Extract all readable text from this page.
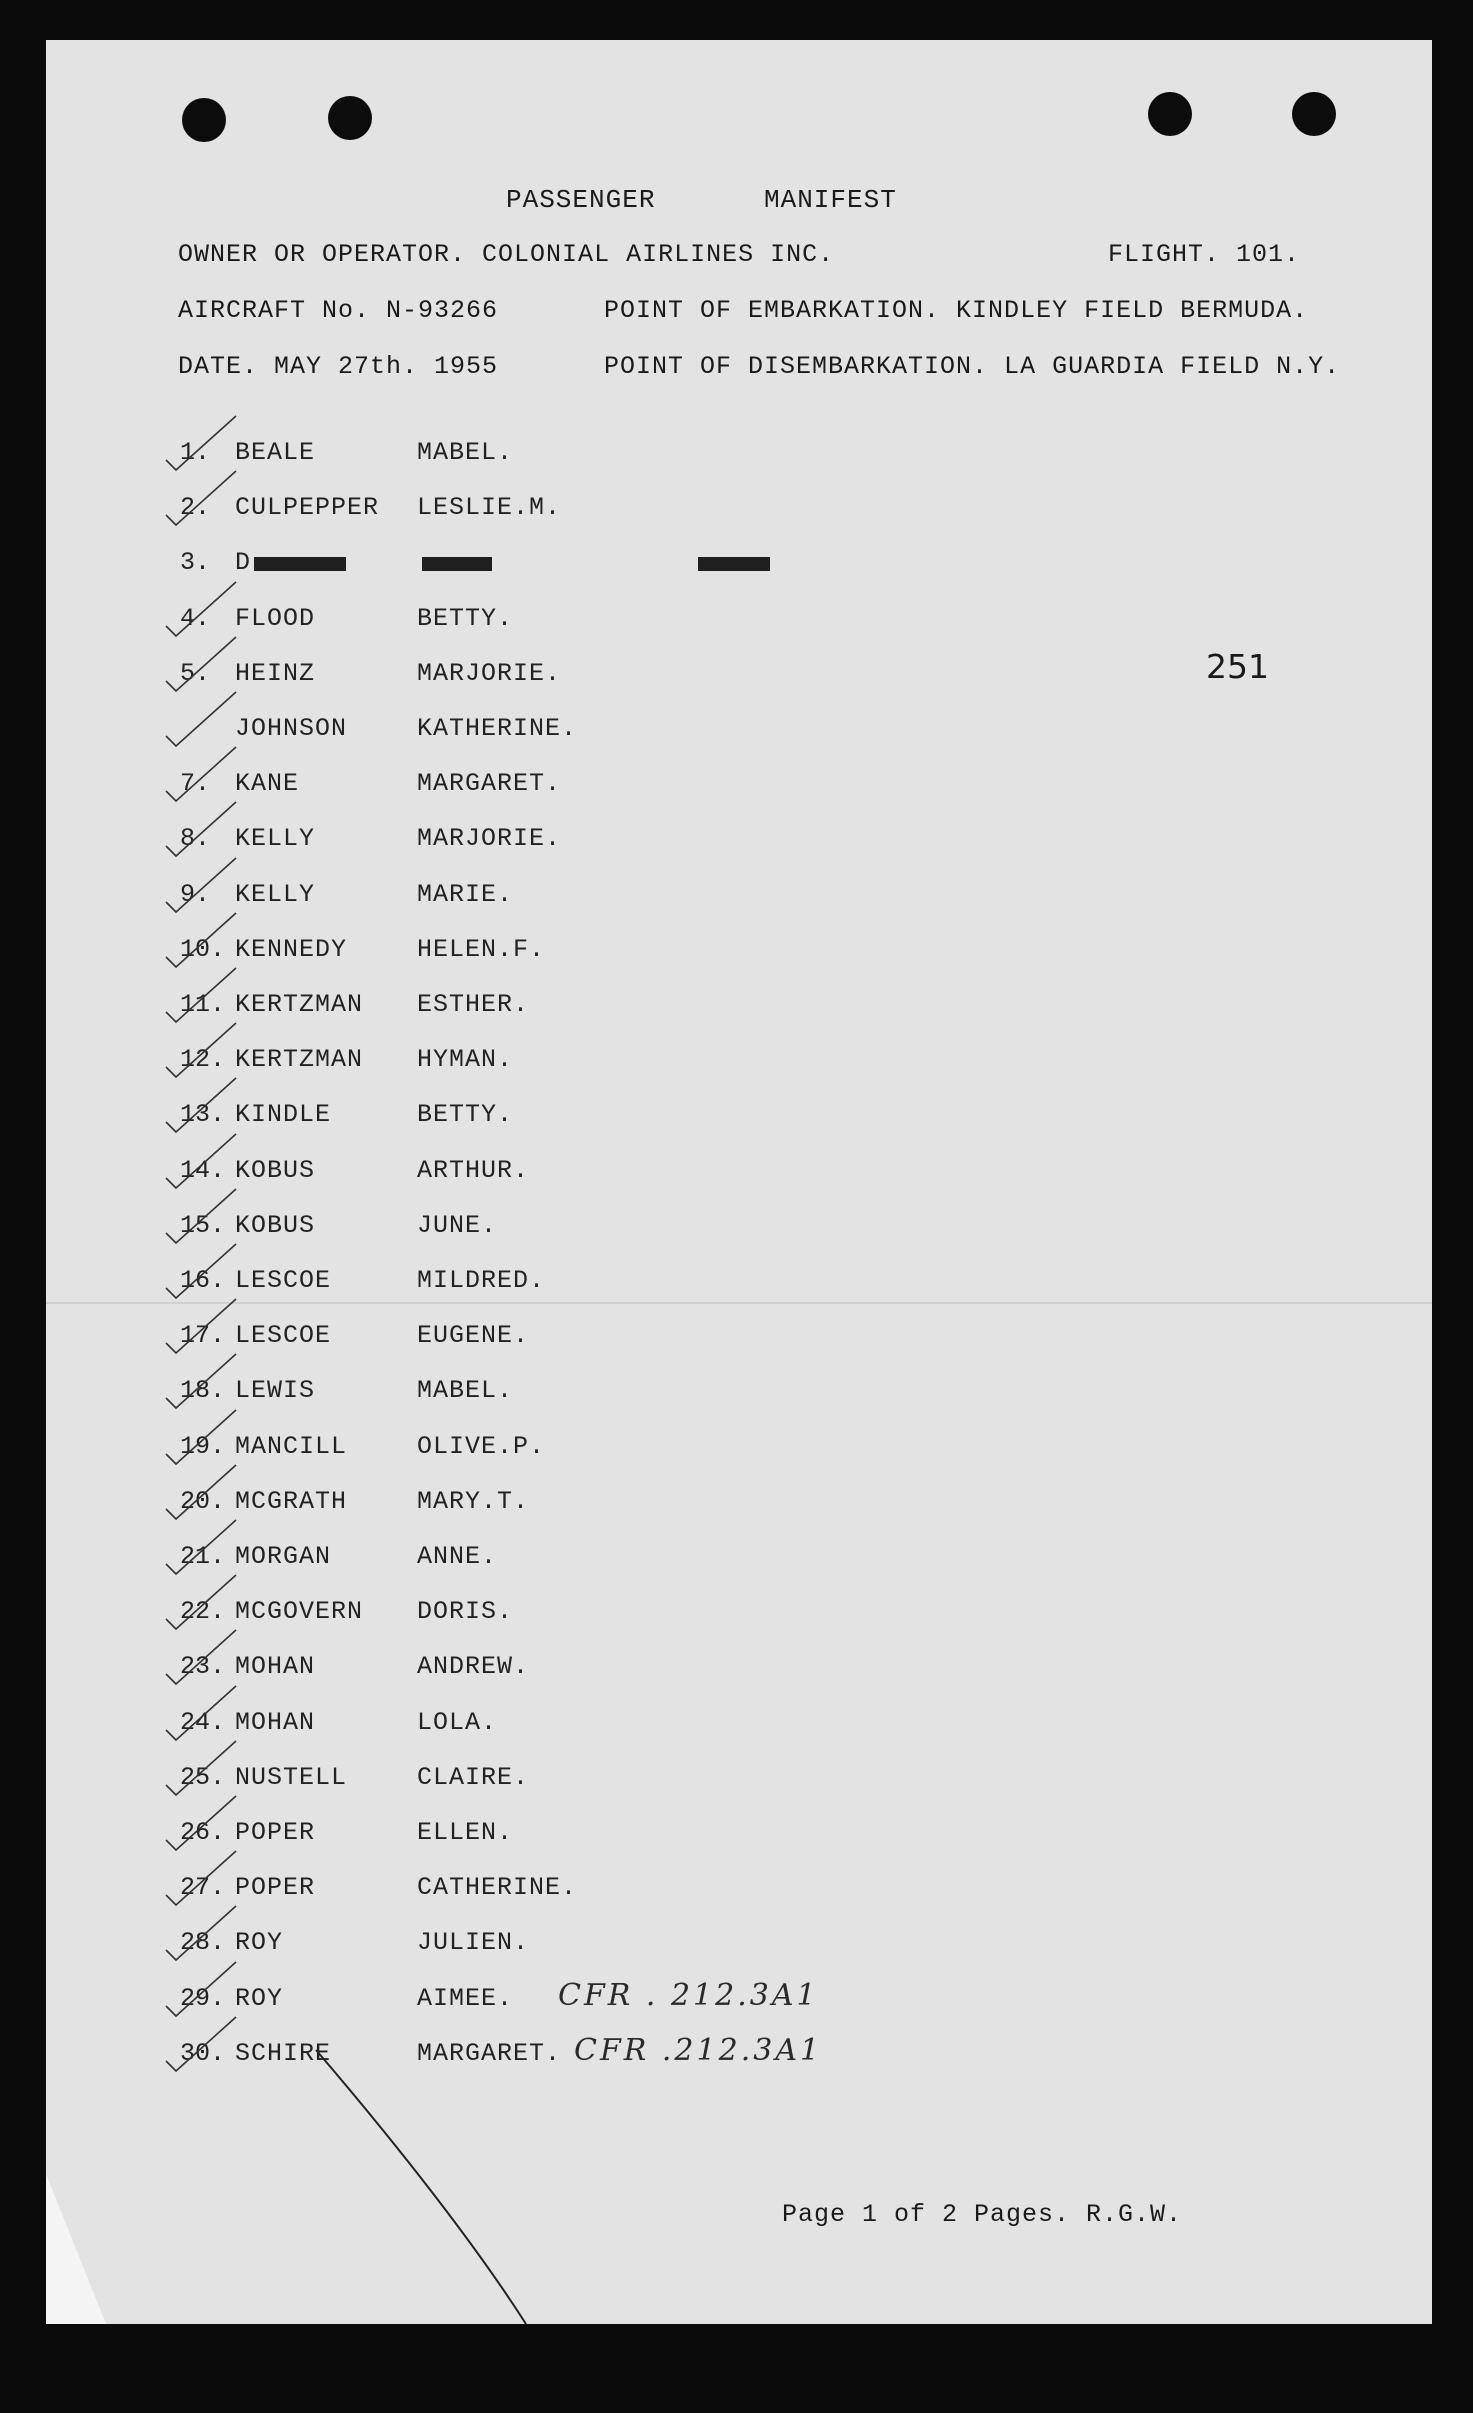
PASSENGER	MANIFEST
OWNER OR OPERATOR. COLONIAL AIRLINES INC.	FLIGHT. 101.
AIRCRAFT No. N-93266	POINT OF EMBARKATION. KINDLEY FIELD BERMUDA.
DATE. MAY 27th. 1955	POINT OF DISEMBARKATION. LA GUARDIA FIELD N.Y.
251
1. BEALE	MABEL.
2. CULPEPPER LESLIE.M.
3. D
4. FLOOD	BETTY.
5. HEINZ	MARJORIE.
JOHNSON	KATHERINE.
7. KANE	MARGARET.
8. KELLY	MARJORIE.
9. KELLY	MARIE.
10. KENNEDY	HELEN.F.
11. KERTZMAN ESTHER.
12. KERTZMAN HYMAN.
13. KINDLE	BETTY.
14. KOBUS	ARTHUR.
15. KOBUS	JUNE.
16. LESCOE	MILDRED.
17. LESCOE	EUGENE.
18. LEWIS	MABEL.
19. MANCILL	OLIVE.P.
20. MCGRATH	MARY.T.
21. MORGAN	ANNE.
22. MCGOVERN DORIS.
23. MOHAN	ANDREW.
24. MOHAN	LOLA.
25. NUSTELL	CLAIRE.
26. POPER	ELLEN.
27. POPER	CATHERINE.
28. ROY	JULIEN.
29. ROY	AIMEE. CFR . 212.3A1
30. SCHIRE	MARGARET. CFR .212.3A1
Page 1 of 2 Pages. R.G.W.
